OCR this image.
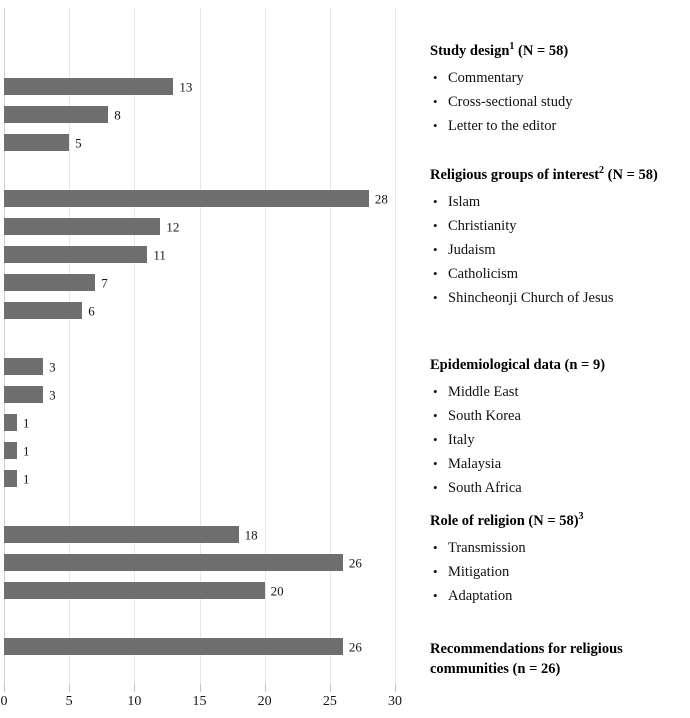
13
8
5
28
12
11
7
6
3
3
1
1
1
18
26
20
26
0	5	10	15	20	25	30
Study design$^1$ (N = 58)
• Commentary
• Cross-sectional study
• Letter to the editor
Religious groups of interest$^2$ (N = 58)
• Islam
• Christianity
• Judaism
• Catholicism
• Shincheonji Church of Jesus
Epidemiological data (n = 9)
• Middle East
• South Korea
• Italy
• Malaysia
• South Africa
Role of religion (N = 58)$^3$
• Transmission
• Mitigation
• Adaptation
Recommendations for religious communities (n = 26)
